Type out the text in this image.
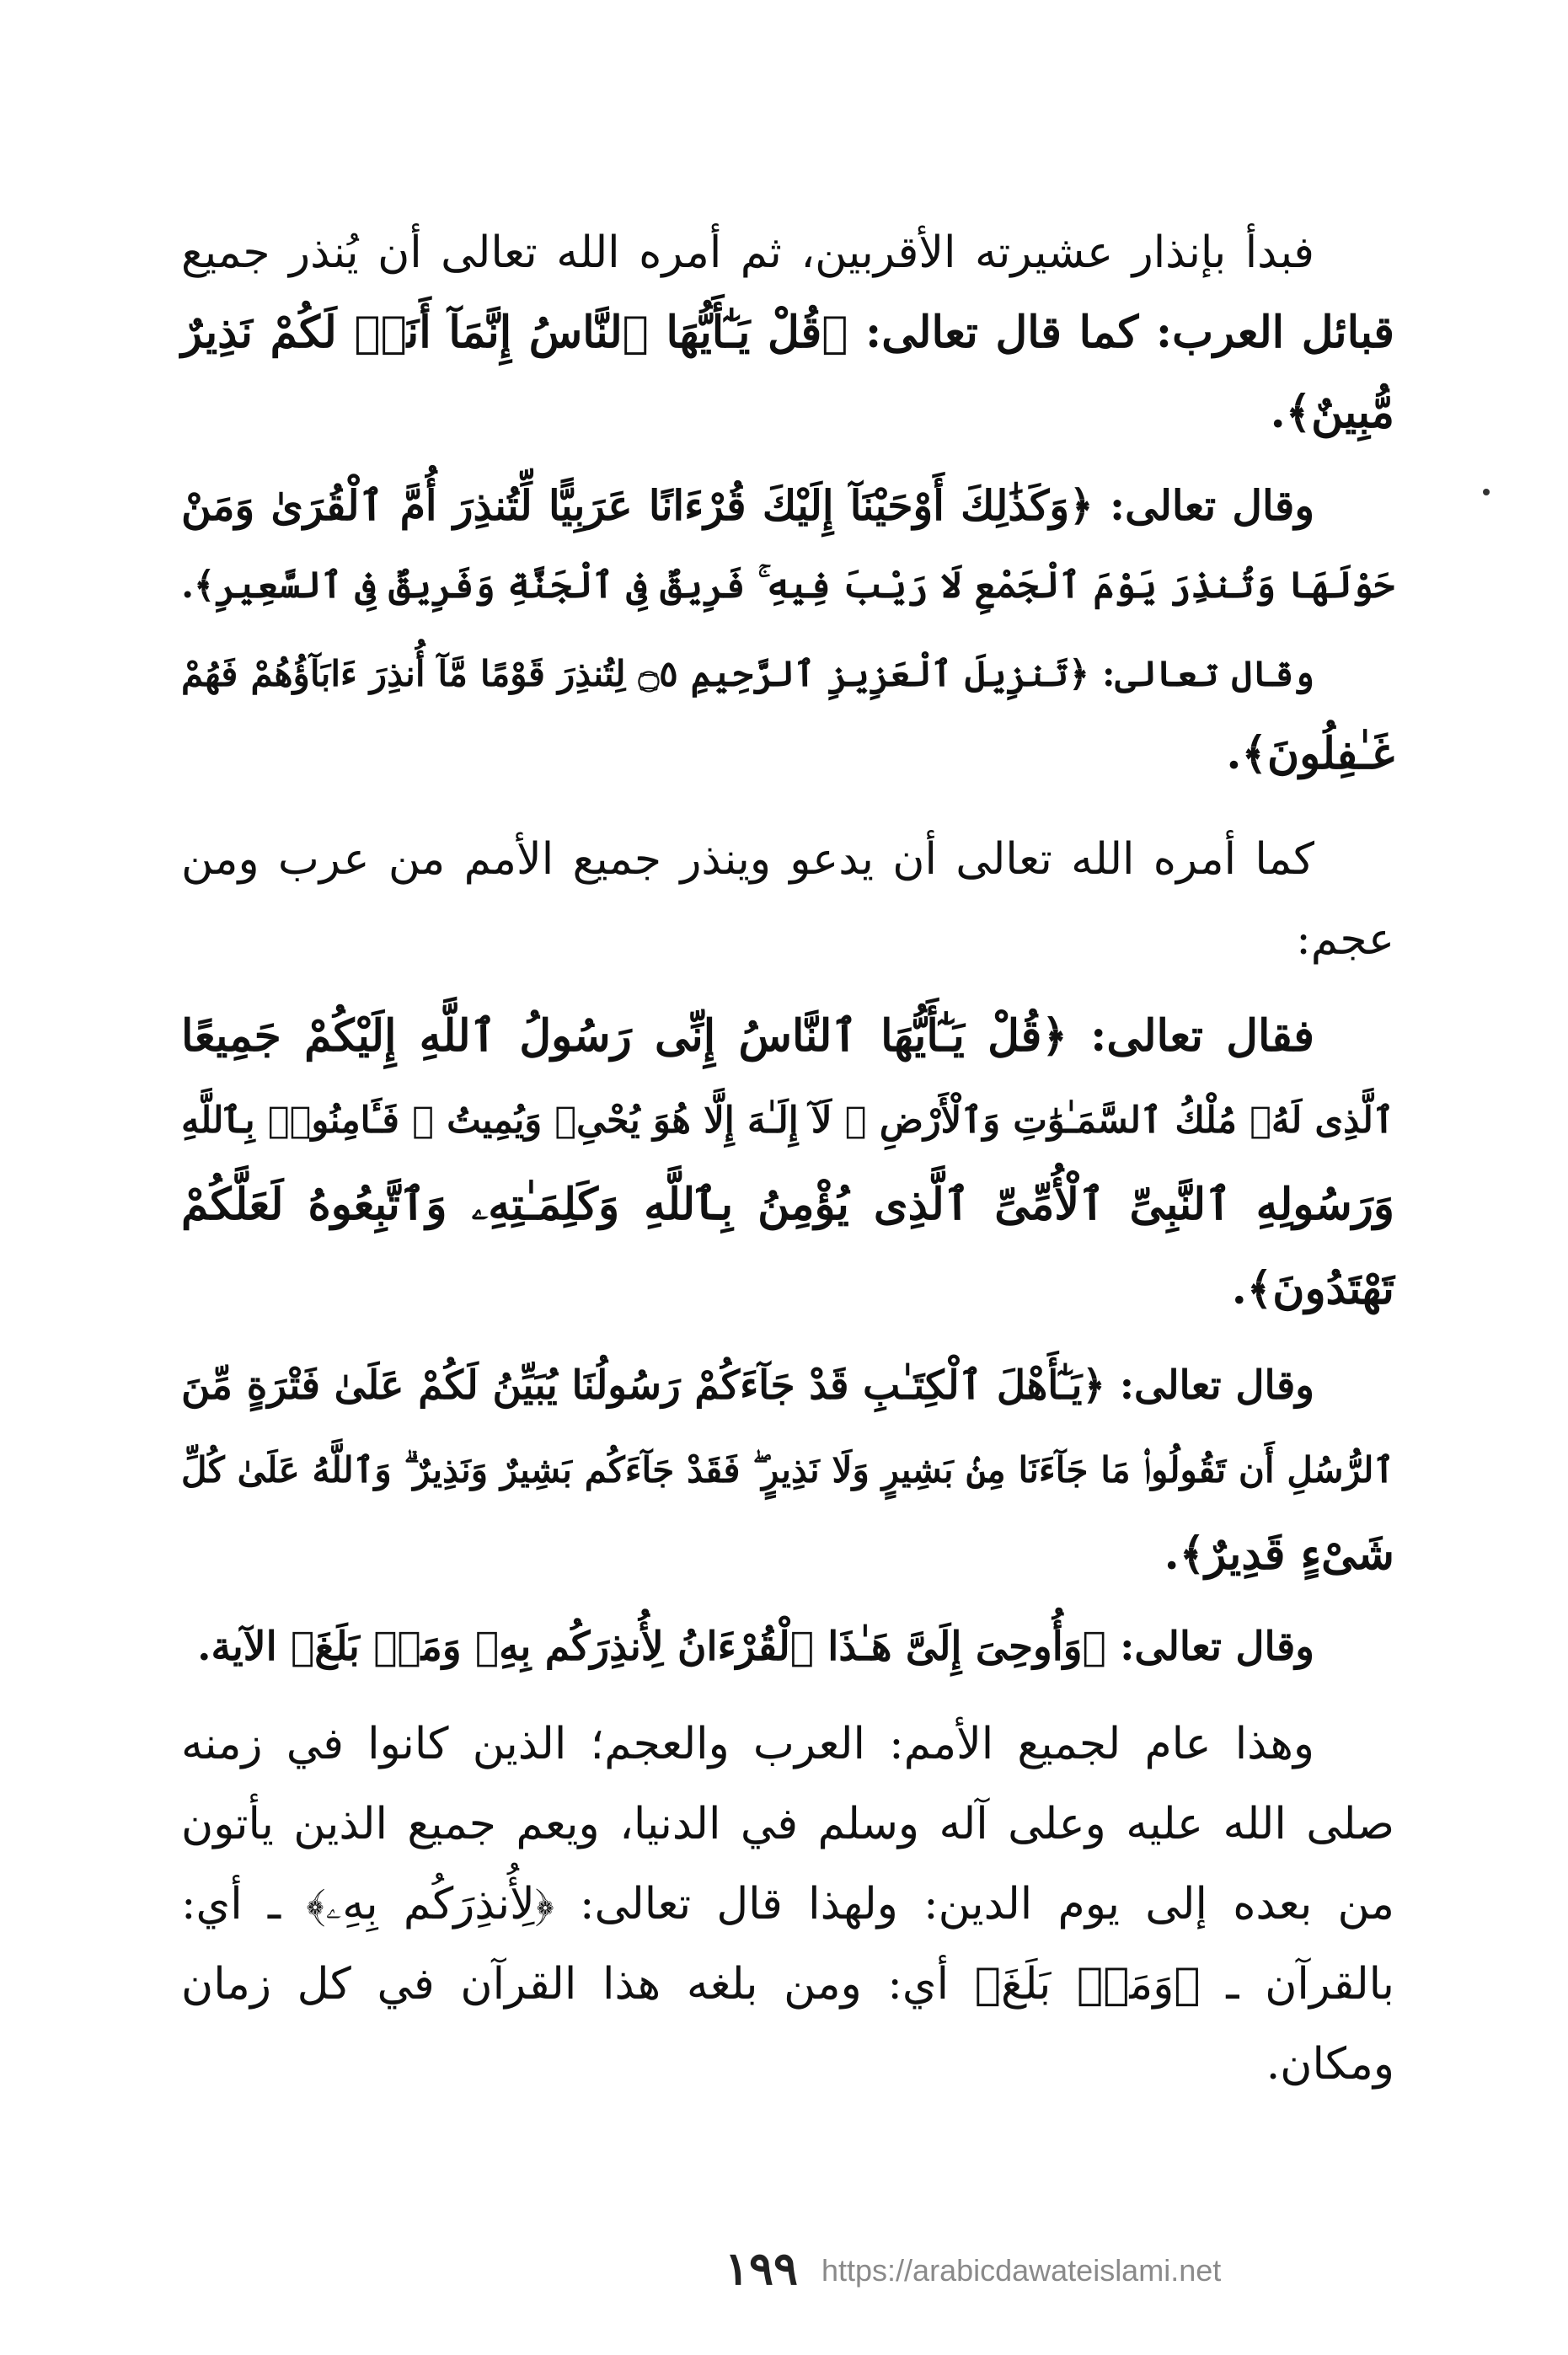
فبدأ بإنذار عشيرته الأقربين، ثم أمره الله تعالى أن يُنذر جميع
قبائل العرب: كما قال تعالى: ﴿قُلْ يَـٰٓأَيُّهَا ٱلنَّاسُ إِنَّمَآ أَنَا۠ لَكُمْ نَذِيرٌ
مُّبِينٌ﴾.
وقال تعالى: ﴿وَكَذَٰلِكَ أَوْحَيْنَآ إِلَيْكَ قُرْءَانًا عَرَبِيًّا لِّتُنذِرَ أُمَّ ٱلْقُرَىٰ وَمَنْ
حَوْلَهَا وَتُنذِرَ يَوْمَ ٱلْجَمْعِ لَا رَيْبَ فِيهِ ۚ فَرِيقٌ فِى ٱلْجَنَّةِ وَفَرِيقٌ فِى ٱلسَّعِيرِ﴾.
وقال تعالى: ﴿تَنزِيلَ ٱلْعَزِيزِ ٱلرَّحِيمِ ۝٥ لِتُنذِرَ قَوْمًا مَّآ أُنذِرَ ءَابَآؤُهُمْ فَهُمْ
غَـٰفِلُونَ﴾.
كما أمره الله تعالى أن يدعو وينذر جميع الأمم من عرب ومن
عجم:
فقال تعالى: ﴿قُلْ يَـٰٓأَيُّهَا ٱلنَّاسُ إِنِّى رَسُولُ ٱللَّهِ إِلَيْكُمْ جَمِيعًا
ٱلَّذِى لَهُۥ مُلْكُ ٱلسَّمَـٰوَٰتِ وَٱلْأَرْضِ ۖ لَآ إِلَـٰهَ إِلَّا هُوَ يُحْىِۦ وَيُمِيتُ ۖ فَـَٔامِنُوا۟ بِٱللَّهِ
وَرَسُولِهِ ٱلنَّبِىِّ ٱلْأُمِّىِّ ٱلَّذِى يُؤْمِنُ بِٱللَّهِ وَكَلِمَـٰتِهِۦ وَٱتَّبِعُوهُ لَعَلَّكُمْ
تَهْتَدُونَ﴾.
وقال تعالى: ﴿يَـٰٓأَهْلَ ٱلْكِتَـٰبِ قَدْ جَآءَكُمْ رَسُولُنَا يُبَيِّنُ لَكُمْ عَلَىٰ فَتْرَةٍ مِّنَ
ٱلرُّسُلِ أَن تَقُولُوا۟ مَا جَآءَنَا مِنۢ بَشِيرٍ وَلَا نَذِيرٍ ۖ فَقَدْ جَآءَكُم بَشِيرٌ وَنَذِيرٌ ۗ وَٱللَّهُ عَلَىٰ كُلِّ
شَىْءٍ قَدِيرٌ﴾.
وقال تعالى: ﴿وَأُوحِىَ إِلَىَّ هَـٰذَا ٱلْقُرْءَانُ لِأُنذِرَكُم بِهِۦ وَمَنۢ بَلَغَ﴾ الآية.
وهذا عام لجميع الأمم: العرب والعجم؛ الذين كانوا في زمنه
صلى الله عليه وعلى آله وسلم في الدنيا، ويعم جميع الذين يأتون
من بعده إلى يوم الدين: ولهذا قال تعالى: ﴿لِأُنذِرَكُم بِهِۦ﴾ ـ أي:
بالقرآن ـ ﴿وَمَنۢ بَلَغَ﴾ أي: ومن بلغه هذا القرآن في كل زمان
ومكان.
١٩٩ https://arabicdawateislami.net
